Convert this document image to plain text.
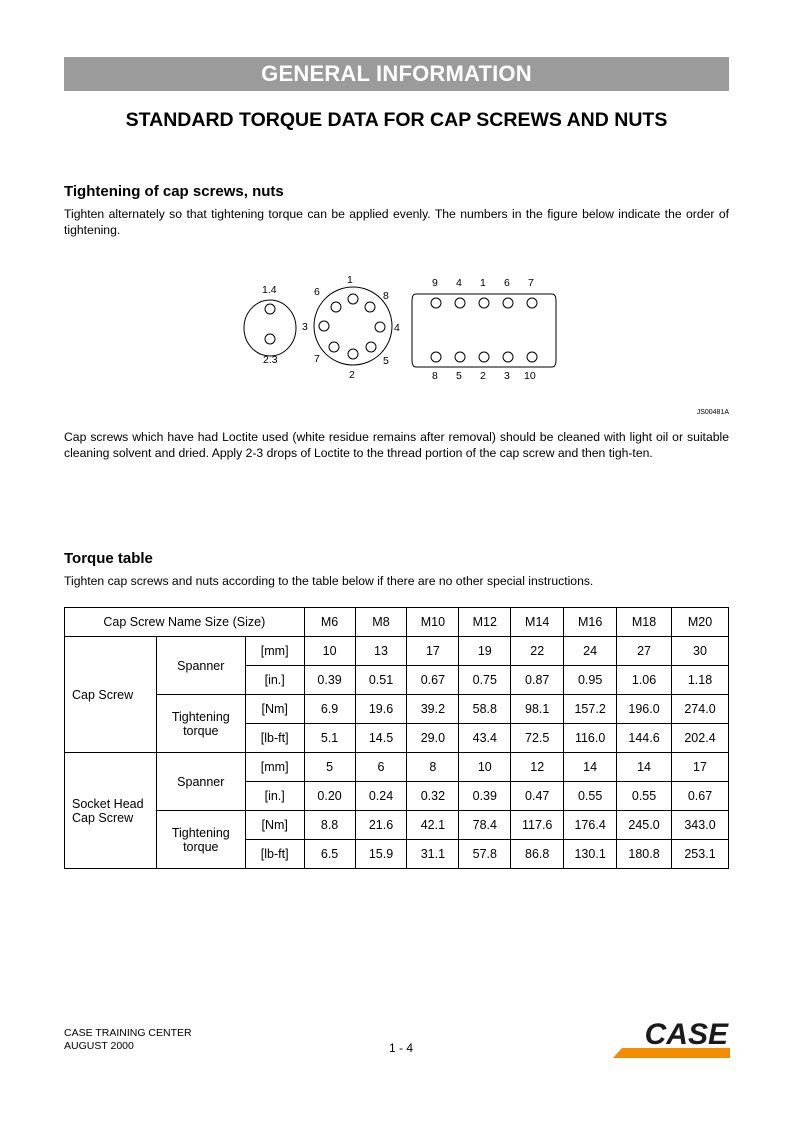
GENERAL INFORMATION
STANDARD TORQUE DATA FOR CAP SCREWS AND NUTS
Tightening of cap screws, nuts
Tighten alternately so that tightening torque can be applied evenly. The numbers in the figure below indicate the order of tightening.
1.4
2.3
1
8
4
5
2
7
3
6
9 4 1 6 7
8 5 2 3 10
JS00481A
Cap screws which have had Loctite used (white residue remains after removal) should be cleaned with light oil or suitable cleaning solvent and dried. Apply 2-3 drops of Loctite to the thread portion of the cap screw and then tigh-ten.
Torque table
Tighten cap screws and nuts according to the table below if there are no other special instructions.
Cap Screw Name Size (Size)			M6	M8	M10	M12	M14	M16	M18	M20
Cap Screw	Spanner	[mm]	10	13	17	19	22	24	27	30
		[in.]	0.39	0.51	0.67	0.75	0.87	0.95	1.06	1.18
	Tightening
torque	[Nm]	6.9	19.6	39.2	58.8	98.1	157.2	196.0	274.0
		[lb-ft]	5.1	14.5	29.0	43.4	72.5	116.0	144.6	202.4
Socket Head
Cap Screw	Spanner	[mm]	5	6	8	10	12	14	14	17
		[in.]	0.20	0.24	0.32	0.39	0.47	0.55	0.55	0.67
	Tightening
torque	[Nm]	8.8	21.6	42.1	78.4	117.6	176.4	245.0	343.0
		[lb-ft]	6.5	15.9	31.1	57.8	86.8	130.1	180.8	253.1
CASE TRAINING CENTER
AUGUST 2000	1 - 4	CASE
